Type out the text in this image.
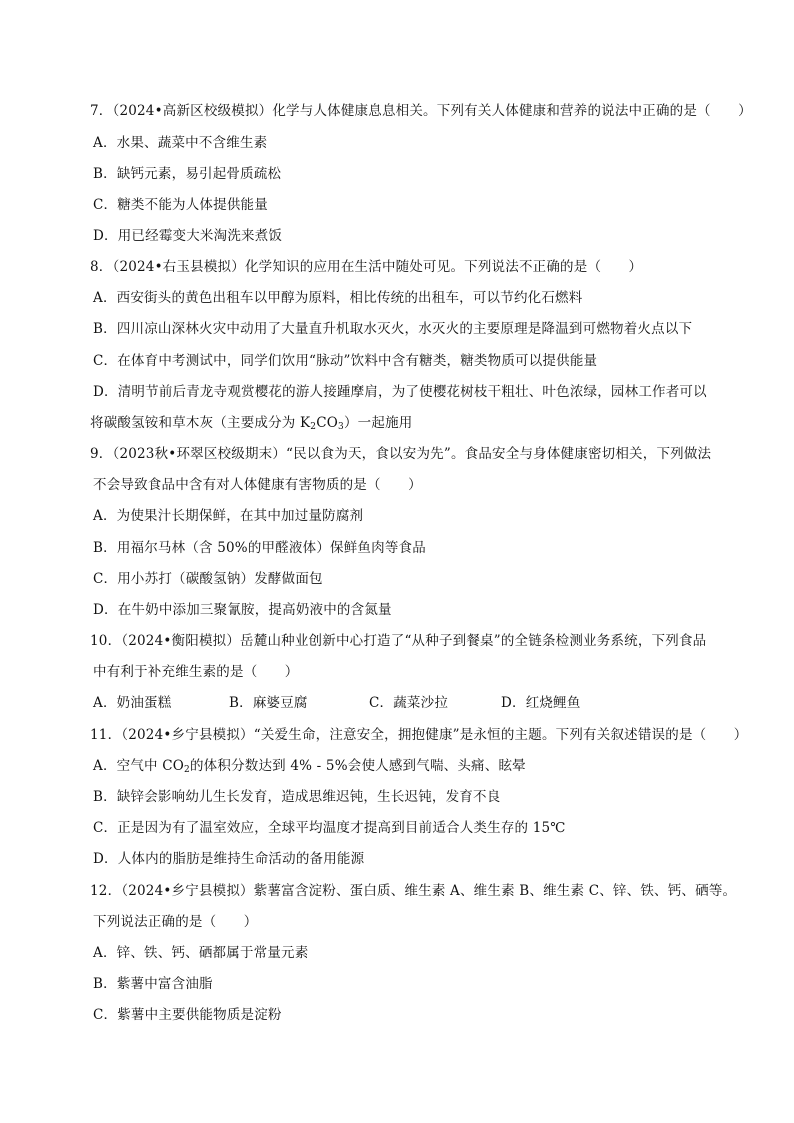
7．（2024•高新区校级模拟）化学与人体健康息息相关。下列有关人体健康和营养的说法中正确的是（　　）
A．水果、蔬菜中不含维生素
B．缺钙元素，易引起骨质疏松
C．糖类不能为人体提供能量
D．用已经霉变大米淘洗来煮饭
8．（2024•右玉县模拟）化学知识的应用在生活中随处可见。下列说法不正确的是（　　）
A．西安街头的黄色出租车以甲醇为原料，相比传统的出租车，可以节约化石燃料
B．四川凉山深林火灾中动用了大量直升机取水灭火，水灭火的主要原理是降温到可燃物着火点以下
C．在体育中考测试中，同学们饮用“脉动”饮料中含有糖类，糖类物质可以提供能量
D．清明节前后青龙寺观赏樱花的游人接踵摩肩，为了使樱花树枝干粗壮、叶色浓绿，园林工作者可以
将碳酸氢铵和草木灰（主要成分为 $K_2CO_3$）一起施用
9．（2023秋•环翠区校级期末）“民以食为天，食以安为先”。食品安全与身体健康密切相关，下列做法
不会导致食品中含有对人体健康有害物质的是（　　）
A．为使果汁长期保鲜，在其中加过量防腐剂
B．用福尔马林（含 50%的甲醛液体）保鲜鱼肉等食品
C．用小苏打（碳酸氢钠）发酵做面包
D．在牛奶中添加三聚氰胺，提高奶液中的含氮量
10．（2024•衡阳模拟）岳麓山种业创新中心打造了“从种子到餐桌”的全链条检测业务系统，下列食品
中有利于补充维生素的是（　　）
A．奶油蛋糕	B．麻婆豆腐	C．蔬菜沙拉	D．红烧鲤鱼
11．（2024•乡宁县模拟）“关爱生命，注意安全，拥抱健康”是永恒的主题。下列有关叙述错误的是（　　）
A．空气中 $CO_2$的体积分数达到 4% - 5%会使人感到气喘、头痛、眩晕
B．缺锌会影响幼儿生长发育，造成思维迟钝，生长迟钝，发育不良
C．正是因为有了温室效应，全球平均温度才提高到目前适合人类生存的 15℃
D．人体内的脂肪是维持生命活动的备用能源
12．（2024•乡宁县模拟）紫薯富含淀粉、蛋白质、维生素 A、维生素 B、维生素 C、锌、铁、钙、硒等。
下列说法正确的是（　　）
A．锌、铁、钙、硒都属于常量元素
B．紫薯中富含油脂
C．紫薯中主要供能物质是淀粉
